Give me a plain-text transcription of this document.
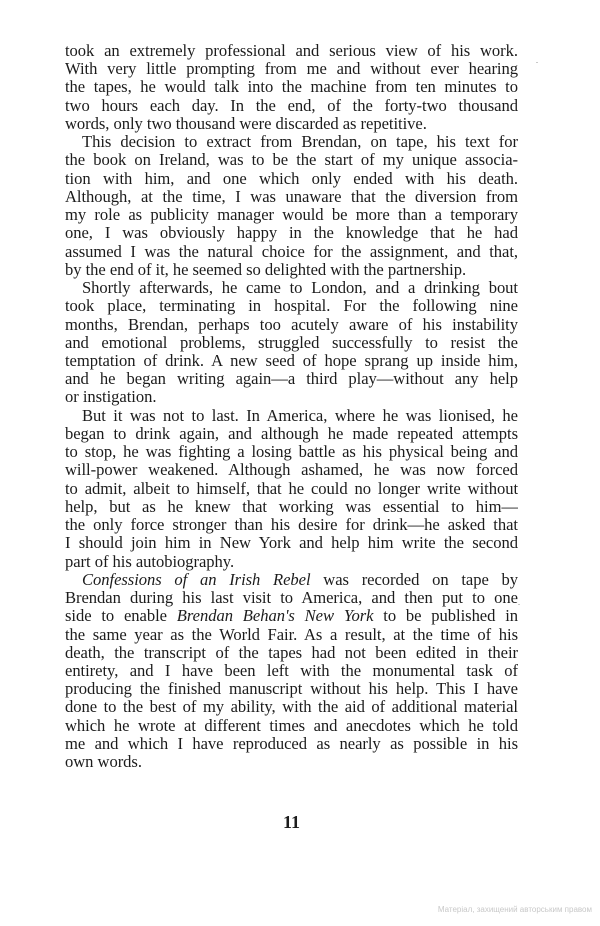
took an extremely professional and serious view of his work.
With very little prompting from me and without ever hearing
the tapes, he would talk into the machine from ten minutes to
two hours each day. In the end, of the forty-two thousand
words, only two thousand were discarded as repetitive.
This decision to extract from Brendan, on tape, his text for
the book on Ireland, was to be the start of my unique associa-
tion with him, and one which only ended with his death.
Although, at the time, I was unaware that the diversion from
my role as publicity manager would be more than a temporary
one, I was obviously happy in the knowledge that he had
assumed I was the natural choice for the assignment, and that,
by the end of it, he seemed so delighted with the partnership.
Shortly afterwards, he came to London, and a drinking bout
took place, terminating in hospital. For the following nine
months, Brendan, perhaps too acutely aware of his instability
and emotional problems, struggled successfully to resist the
temptation of drink. A new seed of hope sprang up inside him,
and he began writing again—a third play—without any help
or instigation.
But it was not to last. In America, where he was lionised, he
began to drink again, and although he made repeated attempts
to stop, he was fighting a losing battle as his physical being and
will-power weakened. Although ashamed, he was now forced
to admit, albeit to himself, that he could no longer write without
help, but as he knew that working was essential to him—
the only force stronger than his desire for drink—he asked that
I should join him in New York and help him write the second
part of his autobiography.
Confessions of an Irish Rebel was recorded on tape by
Brendan during his last visit to America, and then put to one
side to enable Brendan Behan's New York to be published in
the same year as the World Fair. As a result, at the time of his
death, the transcript of the tapes had not been edited in their
entirety, and I have been left with the monumental task of
producing the finished manuscript without his help. This I have
done to the best of my ability, with the aid of additional material
which he wrote at different times and anecdotes which he told
me and which I have reproduced as nearly as possible in his
own words.
11
Матеріал, захищений авторським правом
